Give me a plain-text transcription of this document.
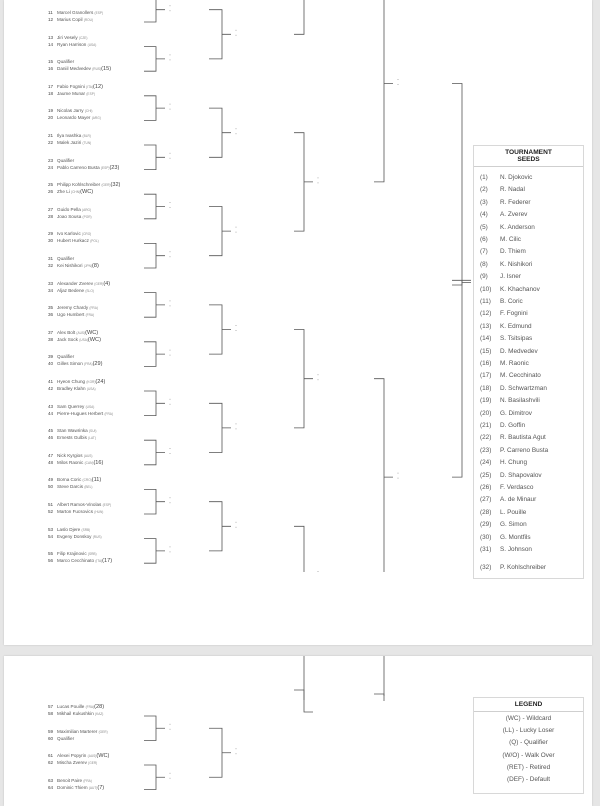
11 Marcel Granollers (ESP)
12 Marius Copil (ROU)
13 Jiri Vesely (CZE)
14 Ryan Harrison (USA)
15 Qualifier
16 Daniil Medvedev (RUS)(15)
17 Fabio Fognini (ITA)(12)
18 Jaume Munar (ESP)
19 Nicolas Jarry (CHI)
20 Leonardo Mayer (ARG)
21 Ilya Ivashka (BLR)
22 Malek Jaziri (TUN)
23 Qualifier
24 Pablo Carreno Busta (ESP)(23)
25 Philipp Kohlschreiber (GER)(32)
26 Zhe Li (CHN)(WC)
27 Guido Pella (ARG)
28 Joao Sousa (POR)
29 Ivo Karlovic (CRO)
30 Hubert Hurkacz (POL)
31 Qualifier
32 Kei Nishikori (JPN)(8)
33 Alexander Zverev (GER)(4)
34 Aljaz Bedene (SLO)
35 Jeremy Chardy (FRA)
36 Ugo Humbert (FRA)
37 Alex Bolt (AUS)(WC)
38 Jack Sock (USA)(WC)
39 Qualifier
40 Gilles Simon (FRA)(29)
41 Hyeon Chung (KOR)(24)
42 Bradley Klahn (USA)
43 Sam Querrey (USA)
44 Pierre-Hugues Herbert (FRA)
45 Stan Wawrinka (SUI)
46 Ernests Gulbis (LAT)
47 Nick Kyrgios (AUS)
48 Milos Raonic (CAN)(16)
49 Borna Coric (CRO)(11)
50 Steve Darcis (BEL)
51 Albert Ramos-Vinolas (ESP)
52 Marton Fucsovics (HUN)
53 Laslo Djere (SRB)
54 Evgeny Donskoy (RUS)
55 Filip Krajinovic (SRB)
56 Marco Cecchinato (ITA)(17)
TOURNAMENT
SEEDS
(1) N. Djokovic
(2) R. Nadal
(3) R. Federer
(4) A. Zverev
(5) K. Anderson
(6) M. Cilic
(7) D. Thiem
(8) K. Nishikori
(9) J. Isner
(10) K. Khachanov
(11) B. Coric
(12) F. Fognini
(13) K. Edmund
(14) S. Tsitsipas
(15) D. Medvedev
(16) M. Raonic
(17) M. Cecchinato
(18) D. Schwartzman
(19) N. Basilashvili
(20) G. Dimitrov
(21) D. Goffin
(22) R. Bautista Agut
(23) P. Carreno Busta
(24) H. Chung
(25) D. Shapovalov
(26) F. Verdasco
(27) A. de Minaur
(28) L. Pouille
(29) G. Simon
(30) G. Montfils
(31) S. Johnson
(32) P. Kohlschreiber
57 Lucas Pouille (FRA)(28)
58 Mikhail Kukushkin (KAZ)
59 Maximilian Marterer (GER)
60 Qualifier
61 Alexei Popyrin (AUS)(WC)
62 Mischa Zverev (GER)
63 Benoit Paire (FRA)
64 Dominic Thiem (AUT)(7)
LEGEND
(WC) - Wildcard
(LL) - Lucky Loser
(Q) - Qualifier
(W/O) - Walk Over
(RET) - Retired
(DEF) - Default
